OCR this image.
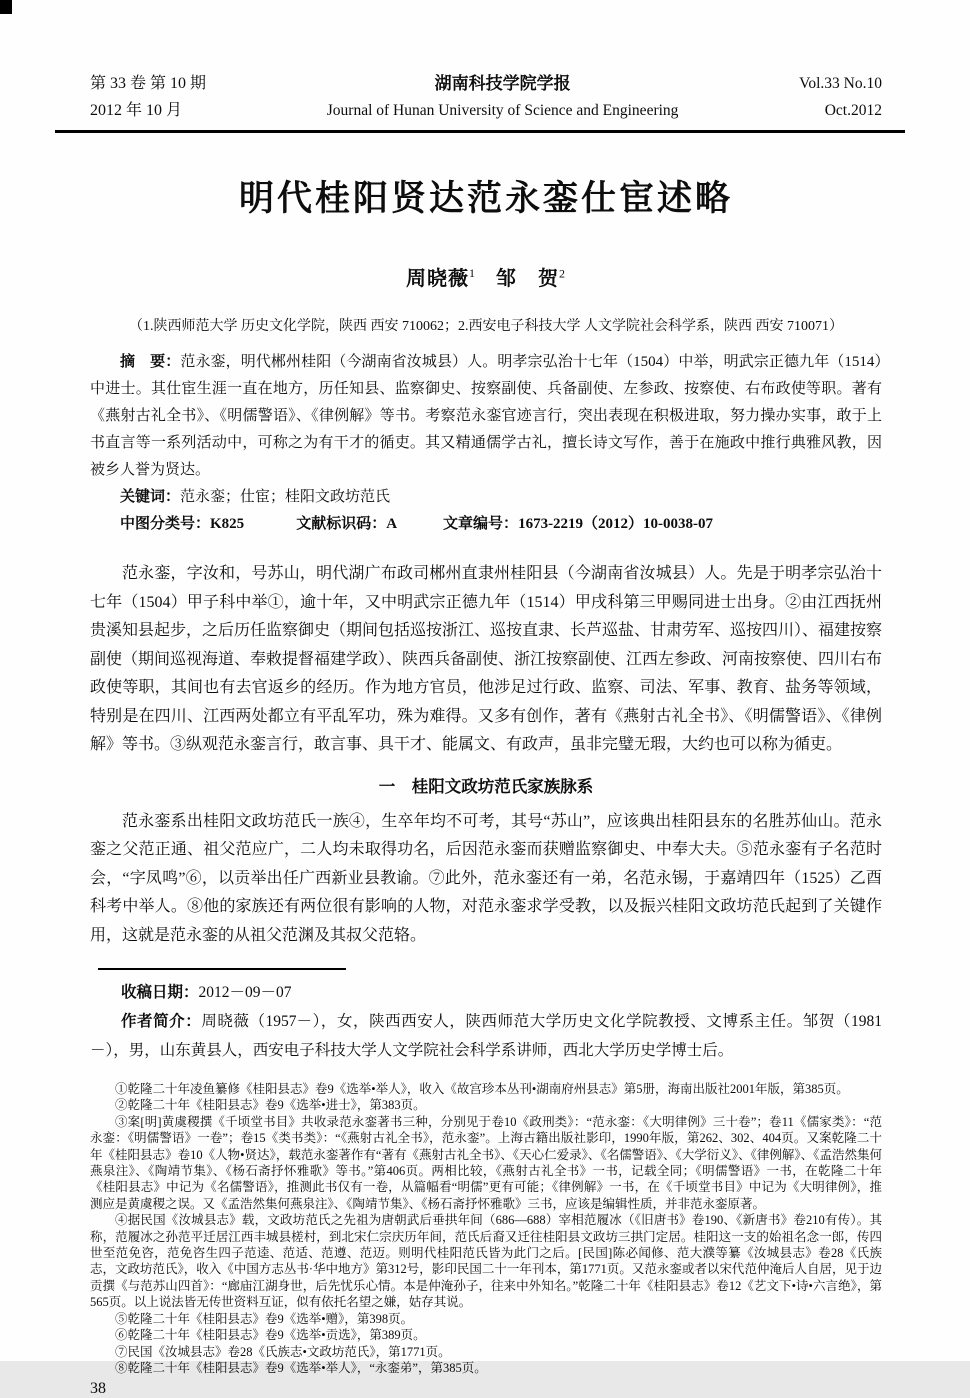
第 33 卷 第 10 期
2012 年 10 月
湖南科技学院学报
Journal of Hunan University of Science and Engineering
Vol.33 No.10
Oct.2012
明代桂阳贤达范永銮仕宦述略
周晓薇$^1$ 邹　贺$^2$
（1.陕西师范大学 历史文化学院，陕西 西安 710062；2.西安电子科技大学 人文学院社会科学系，陕西 西安 710071）

摘　要：范永銮，明代郴州桂阳（今湖南省汝城县）人。明孝宗弘治十七年（1504）中举，明武宗正德九年（1514）中进士。其仕宦生涯一直在地方，历任知县、监察御史、按察副使、兵备副使、左参政、按察使、右布政使等职。著有《燕射古礼全书》、《明儒警语》、《律例解》等书。考察范永銮官迹言行，突出表现在积极进取，努力操办实事，敢于上书直言等一系列活动中，可称之为有干才的循吏。其又精通儒学古礼，擅长诗文写作，善于在施政中推行典雅风教，因被乡人誉为贤达。

关键词：范永銮；仕宦；桂阳文政坊范氏

中图分类号：K825	文献标识码：A	文章编号：1673-2219（2012）10-0038-07

范永銮，字汝和，号苏山，明代湖广布政司郴州直隶州桂阳县（今湖南省汝城县）人。先是于明孝宗弘治十七年（1504）甲子科中举①，逾十年，又中明武宗正德九年（1514）甲戌科第三甲赐同进士出身。②由江西抚州贵溪知县起步，之后历任监察御史（期间包括巡按浙江、巡按直隶、长芦巡盐、甘肃劳军、巡按四川）、福建按察副使（期间巡视海道、奉敕提督福建学政）、陕西兵备副使、浙江按察副使、江西左参政、河南按察使、四川右布政使等职，其间也有去官返乡的经历。作为地方官员，他涉足过行政、监察、司法、军事、教育、盐务等领域，特别是在四川、江西两处都立有平乱军功，殊为难得。又多有创作，著有《燕射古礼全书》、《明儒警语》、《律例解》等书。③纵观范永銮言行，敢言事、具干才、能属文、有政声，虽非完璧无瑕，大约也可以称为循吏。

一　桂阳文政坊范氏家族脉系

范永銮系出桂阳文政坊范氏一族④，生卒年均不可考，其号“苏山”，应该典出桂阳县东的名胜苏仙山。范永銮之父范正通、祖父范应广，二人均未取得功名，后因范永銮而获赠监察御史、中奉大夫。⑤范永銮有子名范时会，“字凤鸣”⑥，以贡举出任广西新业县教谕。⑦此外，范永銮还有一弟，名范永锡，于嘉靖四年（1525）乙酉科考中举人。⑧他的家族还有两位很有影响的人物，对范永銮求学受教，以及振兴桂阳文政坊范氏起到了关键作用，这就是范永銮的从祖父范渊及其叔父范辂。

收稿日期：2012－09－07

作者简介：周晓薇（1957－），女，陕西西安人，陕西师范大学历史文化学院教授、文博系主任。邹贺（1981－），男，山东黄县人，西安电子科技大学人文学院社会科学系讲师，西北大学历史学博士后。

①乾隆二十年凌鱼纂修《桂阳县志》卷9《选举•举人》，收入《故宫珍本丛刊•湖南府州县志》第5册，海南出版社2001年版，第385页。
②乾隆二十年《桂阳县志》卷9《选举•进士》，第383页。
③案[明]黄虞稷撰《千顷堂书目》共收录范永銮著书三种，分别见于卷10《政刑类》：“范永銮：《大明律例》三十卷”；卷11《儒家类》：“范永銮：《明儒警语》一卷”；卷15《类书类》：“《燕射古礼全书》，范永銮”。上海古籍出版社影印，1990年版，第262、302、404页。又案乾隆二十年《桂阳县志》卷10《人物•贤达》，载范永銮著作有“著有《燕射古礼全书》、《天心仁爱录》、《名儒警语》、《大学衍义》、《律例解》、《孟浩然集何燕泉注》、《陶靖节集》、《杨石斋抒怀雅歌》等书。”第406页。两相比较，《燕射古礼全书》一书，记载全同；《明儒警语》一书，在乾隆二十年《桂阳县志》中记为《名儒警语》，推测此书仅有一卷，从篇幅看“明儒”更有可能；《律例解》一书，在《千顷堂书目》中记为《大明律例》，推测应是黄虞稷之误。又《孟浩然集何燕泉注》、《陶靖节集》、《杨石斋抒怀雅歌》三书，应该是编辑性质，并非范永銮原著。
④据民国《汝城县志》载，文政坊范氏之先祖为唐朝武后垂拱年间（686—688）宰相范履冰（《旧唐书》卷190、《新唐书》卷210有传）。其称，范履冰之孙范平迁居江西丰城县槎村，到北宋仁宗庆历年间，范氏后裔又迁往桂阳县文政坊三拱门定居。桂阳这一支的始祖名念一郎，传四世至范免咨，范免咨生四子范逵、范适、范遵、范迈。则明代桂阳范氏皆为此门之后。[民国]陈必闻修、范大濮等纂《汝城县志》卷28《氏族志，文政坊范氏》，收入《中国方志丛书·华中地方》第312号，影印民国二十一年刊本，第1771页。又范永銮或者以宋代范仲淹后人自居，见于边贡撰《与范苏山四首》：“廊庙江湖身世，后先忧乐心情。本是仲淹孙子，往来中外知名。”乾隆二十年《桂阳县志》卷12《艺文下•诗•六言绝》，第565页。以上说法皆无传世资料互证，似有依托名望之嫌，姑存其说。
⑤乾隆二十年《桂阳县志》卷9《选举•赠》，第398页。
⑥乾隆二十年《桂阳县志》卷9《选举•贡选》，第389页。
⑦民国《汝城县志》卷28《氏族志•文政坊范氏》，第1771页。
⑧乾隆二十年《桂阳县志》卷9《选举•举人》，“永銮弟”，第385页。
38
